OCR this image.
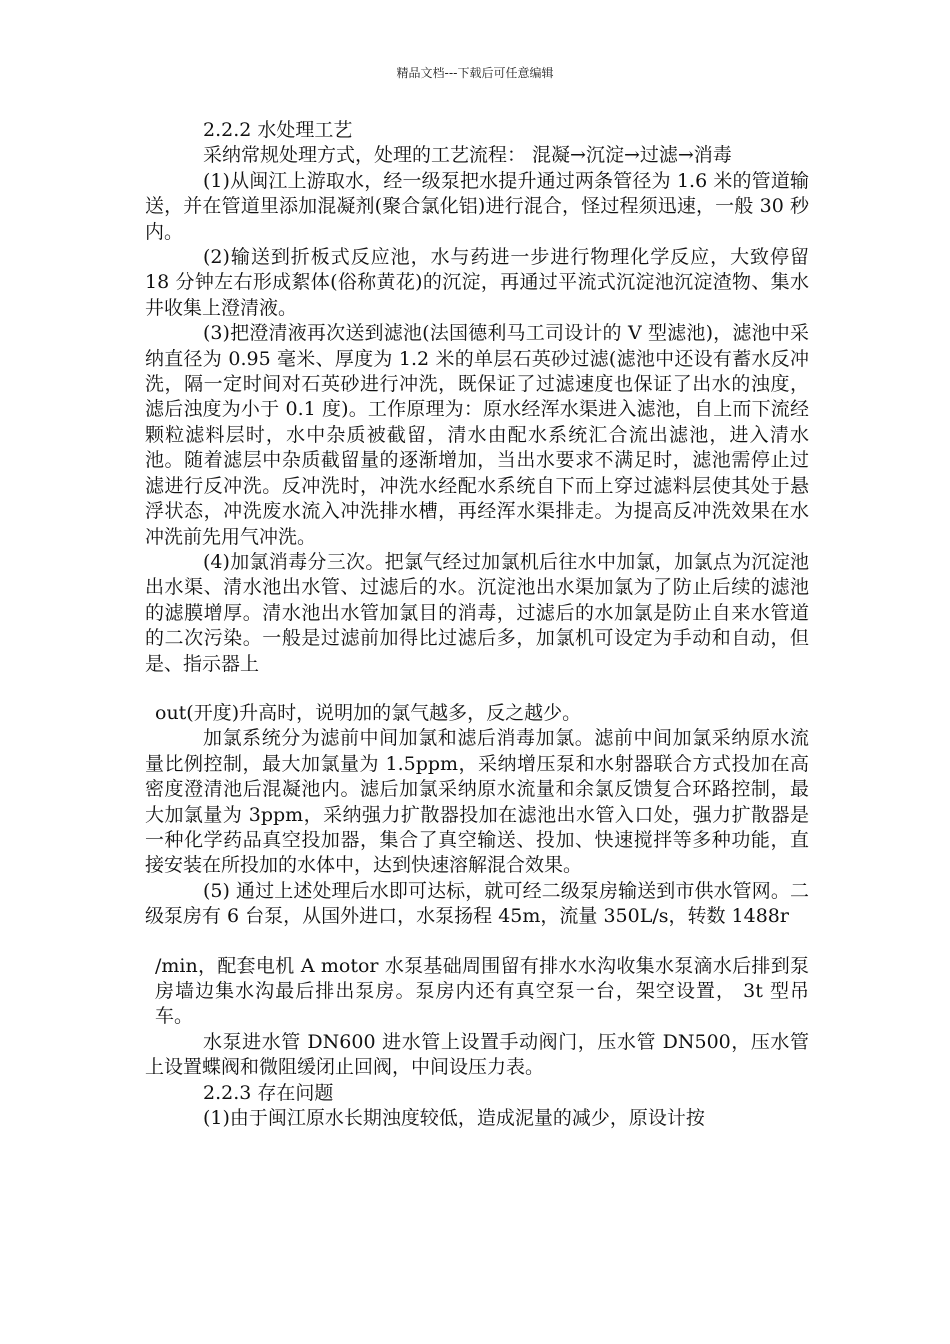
精品文档---下载后可任意编辑

2.2.2 水处理工艺

采纳常规处理方式，处理的工艺流程： 混凝→沉淀→过滤→消毒

(1)从闽江上游取水，经一级泵把水提升通过两条管径为 1.6 米的管道输送，并在管道里添加混凝剂(聚合氯化铝)进行混合，怪过程须迅速，一般 30 秒内。

(2)输送到折板式反应池，水与药进一步进行物理化学反应，大致停留 18 分钟左右形成絮体(俗称黄花)的沉淀，再通过平流式沉淀池沉淀渣物、集水井收集上澄清液。

(3)把澄清液再次送到滤池(法国德利马工司设计的 V 型滤池)，滤池中采纳直径为 0.95 毫米、厚度为 1.2 米的单层石英砂过滤(滤池中还设有蓄水反冲洗，隔一定时间对石英砂进行冲洗，既保证了过滤速度也保证了出水的浊度，滤后浊度为小于 0.1 度)。工作原理为：原水经浑水渠进入滤池，自上而下流经颗粒滤料层时，水中杂质被截留，清水由配水系统汇合流出滤池，进入清水池。随着滤层中杂质截留量的逐渐增加，当出水要求不满足时，滤池需停止过滤进行反冲洗。反冲洗时，冲洗水经配水系统自下而上穿过滤料层使其处于悬浮状态，冲洗废水流入冲洗排水槽，再经浑水渠排走。为提高反冲洗效果在水冲洗前先用气冲洗。

(4)加氯消毒分三次。把氯气经过加氯机后往水中加氯，加氯点为沉淀池出水渠、清水池出水管、过滤后的水。沉淀池出水渠加氯为了防止后续的滤池的滤膜增厚。清水池出水管加氯目的消毒，过滤后的水加氯是防止自来水管道的二次污染。一般是过滤前加得比过滤后多，加氯机可设定为手动和自动，但是、指示器上

out(开度)升高时，说明加的氯气越多，反之越少。

加氯系统分为滤前中间加氯和滤后消毒加氯。滤前中间加氯采纳原水流量比例控制，最大加氯量为 1.5ppm，采纳增压泵和水射器联合方式投加在高密度澄清池后混凝池内。滤后加氯采纳原水流量和余氯反馈复合环路控制，最大加氯量为 3ppm，采纳强力扩散器投加在滤池出水管入口处，强力扩散器是一种化学药品真空投加器，集合了真空输送、投加、快速搅拌等多种功能，直接安装在所投加的水体中，达到快速溶解混合效果。

(5) 通过上述处理后水即可达标，就可经二级泵房输送到市供水管网。二级泵房有 6 台泵，从国外进口，水泵扬程 45m，流量 350L/s，转数 1488r

/min，配套电机 A motor 水泵基础周围留有排水水沟收集水泵滴水后排到泵房墙边集水沟最后排出泵房。泵房内还有真空泵一台，架空设置， 3t 型吊车。

水泵进水管 DN600 进水管上设置手动阀门，压水管 DN500，压水管上设置蝶阀和微阻缓闭止回阀，中间设压力表。

2.2.3 存在问题

(1)由于闽江原水长期浊度较低，造成泥量的减少，原设计按
